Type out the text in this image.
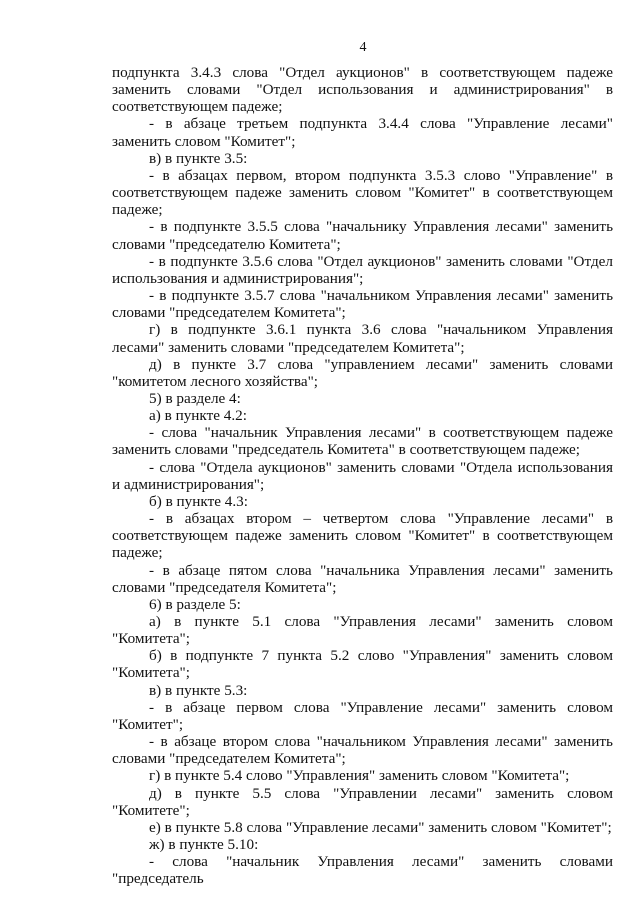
4

подпункта 3.4.3 слова "Отдел аукционов" в соответствующем падеже заменить словами "Отдел использования и администрирования" в соответствующем падеже;

- в абзаце третьем подпункта 3.4.4 слова "Управление лесами" заменить словом "Комитет";

в) в пункте 3.5:

- в абзацах первом, втором подпункта 3.5.3 слово "Управление" в соответствующем падеже заменить словом "Комитет" в соответствующем падеже;

- в подпункте 3.5.5 слова "начальнику Управления лесами" заменить словами "председателю Комитета";

- в подпункте 3.5.6 слова "Отдел аукционов" заменить словами "Отдел использования и администрирования";

- в подпункте 3.5.7 слова "начальником Управления лесами" заменить словами "председателем Комитета";

г) в подпункте 3.6.1 пункта 3.6 слова "начальником Управления лесами" заменить словами "председателем Комитета";

д) в пункте 3.7 слова "управлением лесами" заменить словами "комитетом лесного хозяйства";

5) в разделе 4:

а) в пункте 4.2:

- слова "начальник Управления лесами" в соответствующем падеже заменить словами "председатель Комитета" в соответствующем падеже;

- слова "Отдела аукционов" заменить словами "Отдела использования и администрирования";

б) в пункте 4.3:

- в абзацах втором – четвертом слова "Управление лесами" в соответствующем падеже заменить словом "Комитет" в соответствующем падеже;

- в абзаце пятом слова "начальника Управления лесами" заменить словами "председателя Комитета";

6) в разделе 5:

а) в пункте 5.1 слова "Управления лесами" заменить словом "Комитета";

б) в подпункте 7 пункта 5.2 слово "Управления" заменить словом "Комитета";

в) в пункте 5.3:

- в абзаце первом слова "Управление лесами" заменить словом "Комитет";

- в абзаце втором слова "начальником Управления лесами" заменить словами "председателем Комитета";

г) в пункте 5.4 слово "Управления" заменить словом "Комитета";

д) в пункте 5.5 слова "Управлении лесами" заменить словом "Комитете";

е) в пункте 5.8 слова "Управление лесами" заменить словом "Комитет";

ж) в пункте 5.10:

- слова "начальник Управления лесами" заменить словами "председатель
